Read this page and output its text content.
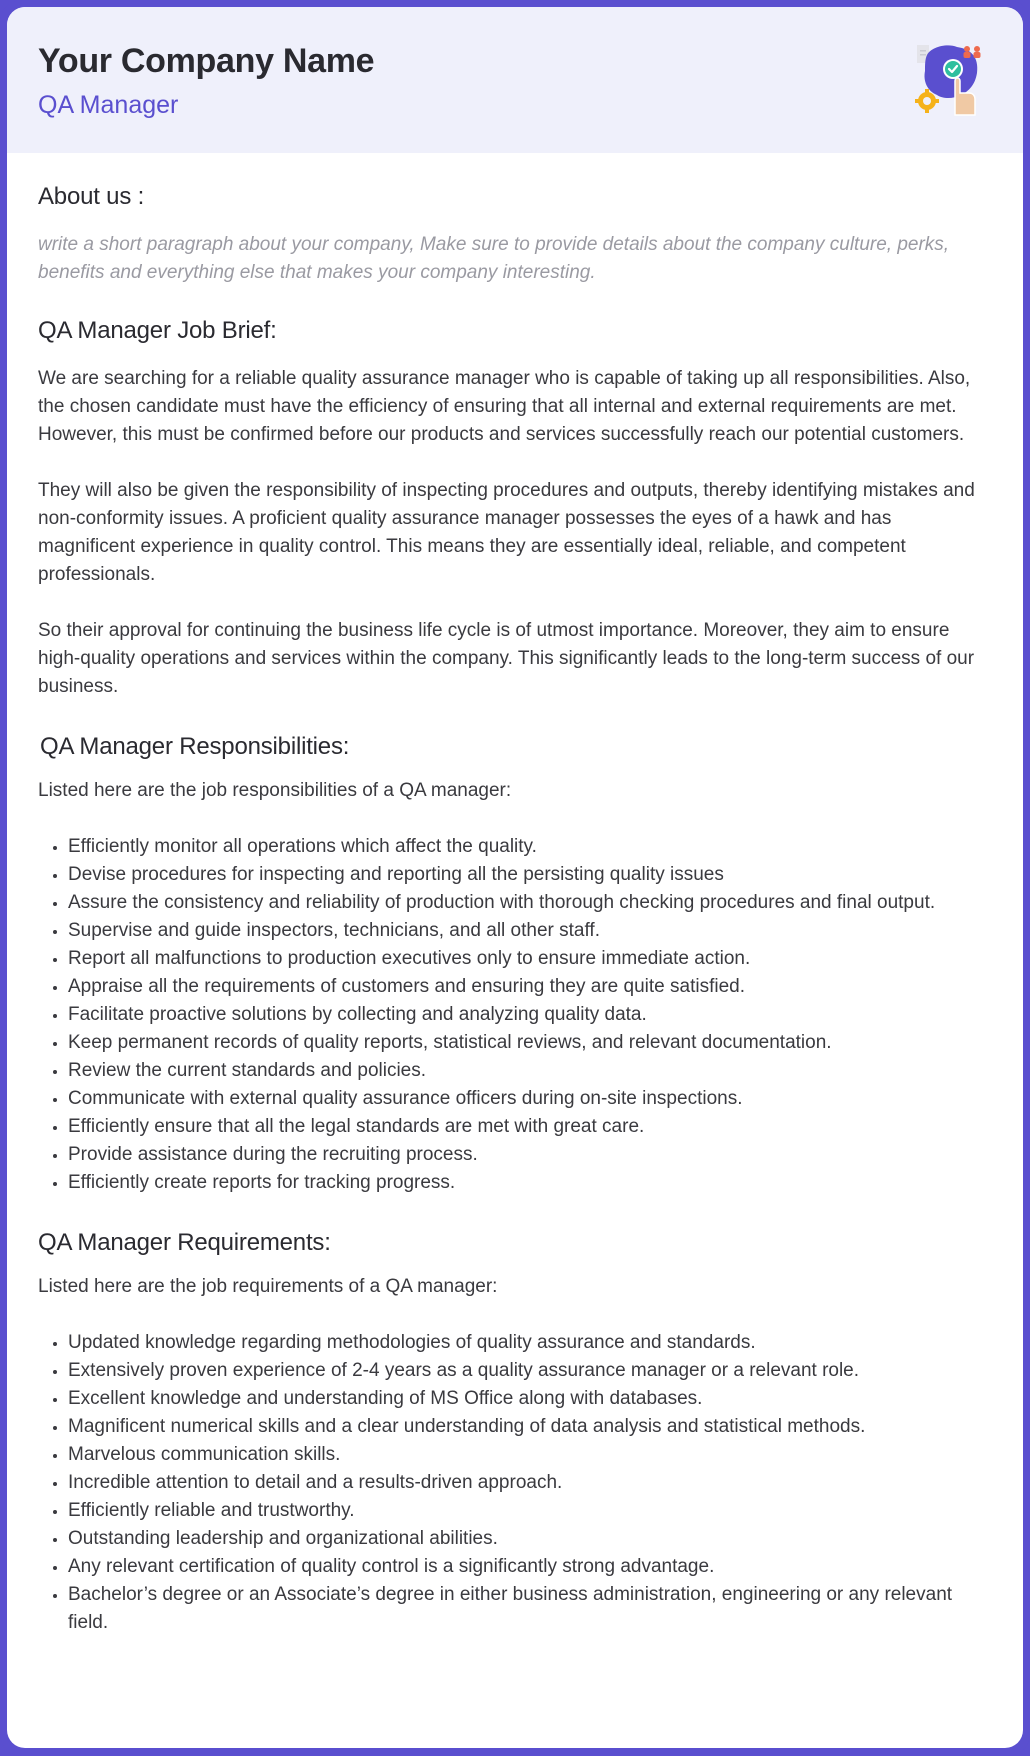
Your Company Name
QA Manager
About us :

write a short paragraph about your company, Make sure to provide details about the company culture, perks, benefits and everything else that makes your company interesting.

QA Manager Job Brief:

We are searching for a reliable quality assurance manager who is capable of taking up all responsibilities. Also, the chosen candidate must have the efficiency of ensuring that all internal and external requirements are met. However, this must be confirmed before our products and services successfully reach our potential customers.

They will also be given the responsibility of inspecting procedures and outputs, thereby identifying mistakes and non-conformity issues. A proficient quality assurance manager possesses the eyes of a hawk and has magnificent experience in quality control. This means they are essentially ideal, reliable, and competent professionals.

So their approval for continuing the business life cycle is of utmost importance. Moreover, they aim to ensure high-quality operations and services within the company. This significantly leads to the long-term success of our business.

QA Manager Responsibilities:

Listed here are the job responsibilities of a QA manager:

• Efficiently monitor all operations which affect the quality.
• Devise procedures for inspecting and reporting all the persisting quality issues
• Assure the consistency and reliability of production with thorough checking procedures and final output.
• Supervise and guide inspectors, technicians, and all other staff.
• Report all malfunctions to production executives only to ensure immediate action.
• Appraise all the requirements of customers and ensuring they are quite satisfied.
• Facilitate proactive solutions by collecting and analyzing quality data.
• Keep permanent records of quality reports, statistical reviews, and relevant documentation.
• Review the current standards and policies.
• Communicate with external quality assurance officers during on-site inspections.
• Efficiently ensure that all the legal standards are met with great care.
• Provide assistance during the recruiting process.
• Efficiently create reports for tracking progress.
QA Manager Requirements:

Listed here are the job requirements of a QA manager:

• Updated knowledge regarding methodologies of quality assurance and standards.
• Extensively proven experience of 2-4 years as a quality assurance manager or a relevant role.
• Excellent knowledge and understanding of MS Office along with databases.
• Magnificent numerical skills and a clear understanding of data analysis and statistical methods.
• Marvelous communication skills.
• Incredible attention to detail and a results-driven approach.
• Efficiently reliable and trustworthy.
• Outstanding leadership and organizational abilities.
• Any relevant certification of quality control is a significantly strong advantage.
• Bachelor’s degree or an Associate’s degree in either business administration, engineering or any relevant field.
